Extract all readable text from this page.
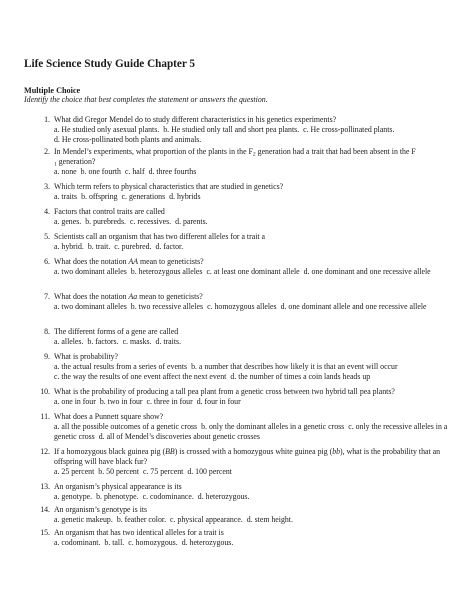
Life Science Study Guide Chapter 5
Multiple Choice
Identify the choice that best completes the statement or answers the question.
1. What did Gregor Mendel do to study different characteristics in his genetics experiments?
a. He studied only asexual plants. b. He studied only tall and short pea plants. c. He cross-pollinated plants.
d. He cross-pollinated both plants and animals.
2. In Mendel’s experiments, what proportion of the plants in the $F_2$ generation had a trait that had been absent in the F
$_1$ generation?
a. none b. one fourth c. half d. three fourths
3. Which term refers to physical characteristics that are studied in genetics?
a. traits b. offspring c. generations d. hybrids
4. Factors that control traits are called
a. genes. b. purebreds. c. recessives. d. parents.
5. Scientists call an organism that has two different alleles for a trait a
a. hybrid. b. trait. c. purebred. d. factor.
6. What does the notation AA mean to geneticists?
a. two dominant alleles b. heterozygous alleles c. at least one dominant allele d. one dominant and one recessive allele
7. What does the notation Aa mean to geneticists?
a. two dominant alleles b. two recessive alleles c. homozygous alleles d. one dominant allele and one recessive allele
8. The different forms of a gene are called
a. alleles. b. factors. c. masks. d. traits.
9. What is probability?
a. the actual results from a series of events b. a number that describes how likely it is that an event will occur
c. the way the results of one event affect the next event d. the number of times a coin lands heads up
10. What is the probability of producing a tall pea plant from a genetic cross between two hybrid tall pea plants?
a. one in four b. two in four c. three in four d. four in four
11. What does a Punnett square show?
a. all the possible outcomes of a genetic cross b. only the dominant alleles in a genetic cross c. only the recessive alleles in a genetic cross d. all of Mendel’s discoveries about genetic crosses
12. If a homozygous black guinea pig (BB) is crossed with a homozygous white guinea pig (bb), what is the probability that an offspring will have black fur?
a. 25 percent b. 50 percent c. 75 percent d. 100 percent
13. An organism’s physical appearance is its
a. genotype. b. phenotype. c. codominance. d. heterozygous.
14. An organism’s genotype is its
a. genetic makeup. b. feather color. c. physical appearance. d. stem height.
15. An organism that has two identical alleles for a trait is
a. codominant. b. tall. c. homozygous. d. heterozygous.
